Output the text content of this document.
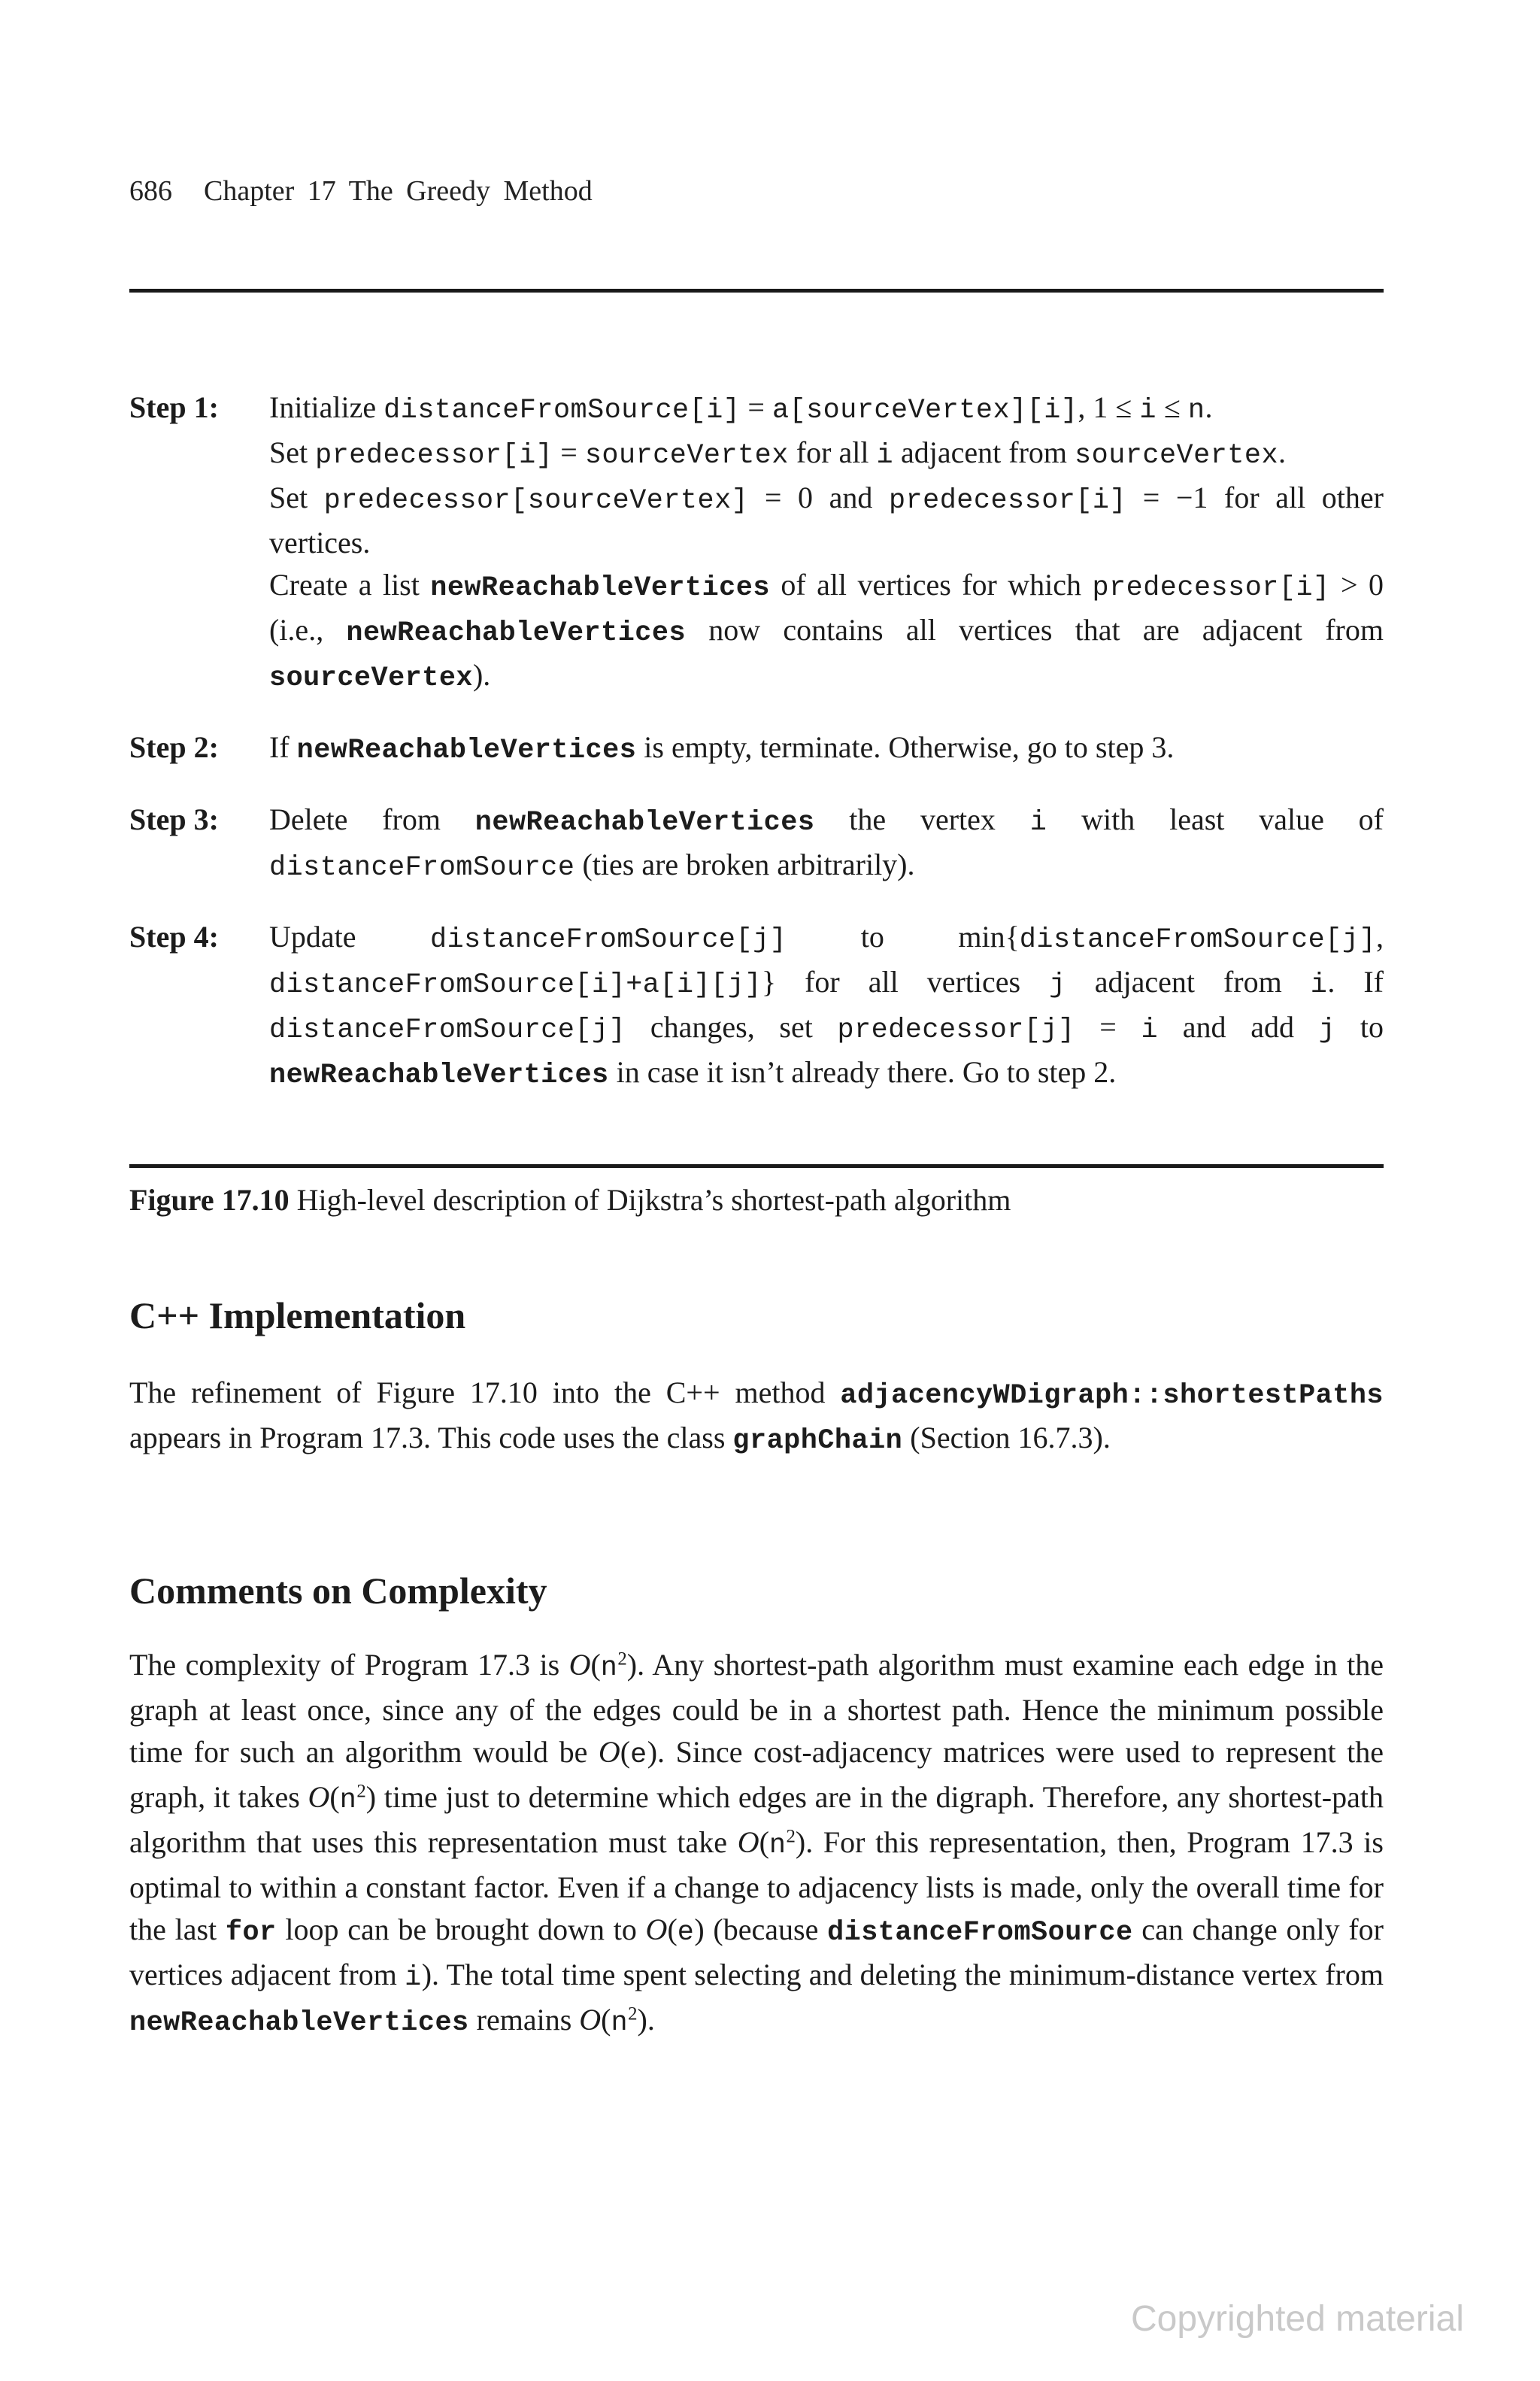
686 Chapter 17 The Greedy Method
Step 1:	Initialize distanceFromSource[i] = a[sourceVertex][i], 1 ≤ i ≤ n.

Set predecessor[i] = sourceVertex for all i adjacent from sourceVertex.

Set predecessor[sourceVertex] = 0 and predecessor[i] = −1 for all other vertices.

Create a list newReachableVertices of all vertices for which predecessor[i] > 0 (i.e., newReachableVertices now contains all vertices that are adjacent from sourceVertex).

Step 2:	If newReachableVertices is empty, terminate. Otherwise, go to step 3.

Step 3:	Delete from newReachableVertices the vertex i with least value of distanceFromSource (ties are broken arbitrarily).

Step 4:	Update distanceFromSource[j] to min{distanceFromSource[j], distanceFromSource[i]+a[i][j]} for all vertices j adjacent from i. If distanceFromSource[j] changes, set predecessor[j] = i and add j to newReachableVertices in case it isn’t already there. Go to step 2.

Figure 17.10 High-level description of Dijkstra’s shortest-path algorithm
C++ Implementation

The refinement of Figure 17.10 into the C++ method adjacencyWDigraph::shortestPaths appears in Program 17.3. This code uses the class graphChain (Section 16.7.3).

Comments on Complexity

The complexity of Program 17.3 is $O(n^2)$. Any shortest-path algorithm must examine each edge in the graph at least once, since any of the edges could be in a shortest path. Hence the minimum possible time for such an algorithm would be O(e). Since cost-adjacency matrices were used to represent the graph, it takes $O(n^2)$ time just to determine which edges are in the digraph. Therefore, any shortest-path algorithm that uses this representation must take $O(n^2)$. For this representation, then, Program 17.3 is optimal to within a constant factor. Even if a change to adjacency lists is made, only the overall time for the last for loop can be brought down to O(e) (because distanceFromSource can change only for vertices adjacent from i). The total time spent selecting and deleting the minimum-distance vertex from newReachableVertices remains $O(n^2)$.

Copyrighted material
